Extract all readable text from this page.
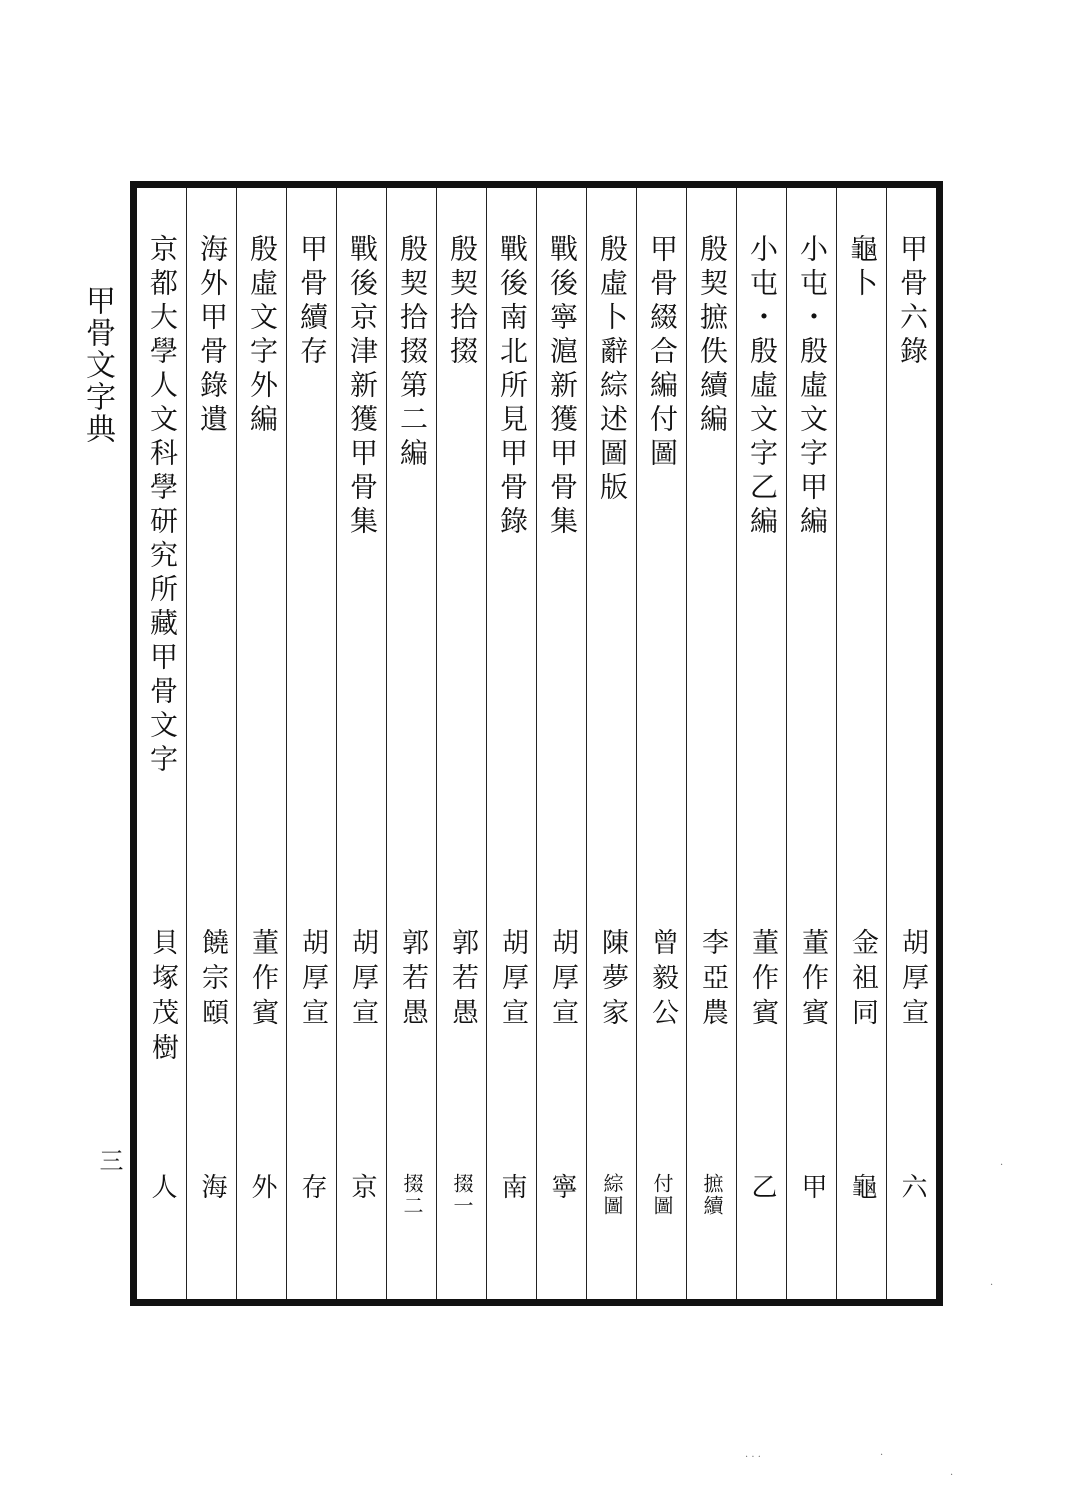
甲骨文字典
三
甲骨六錄
胡厚宣
六
龜卜
金祖同
龜
小屯・殷虛文字甲編
董作賓
甲
小屯・殷虛文字乙編
董作賓
乙
殷契摭佚續編
李亞農
摭續
甲骨綴合編付圖
曾毅公
付圖
殷虛卜辭綜述圖版
陳夢家
綜圖
戰後寧滬新獲甲骨集
胡厚宣
寧
戰後南北所見甲骨錄
胡厚宣
南
殷契拾掇
郭若愚
掇一
殷契拾掇第二編
郭若愚
掇二
戰後京津新獲甲骨集
胡厚宣
京
甲骨續存
胡厚宣
存
殷虛文字外編
董作賓
外
海外甲骨錄遺
饒宗頤
海
京都大學人文科學研究所藏甲骨文字
貝塚茂樹
人
·
·
·
·
· · ·
